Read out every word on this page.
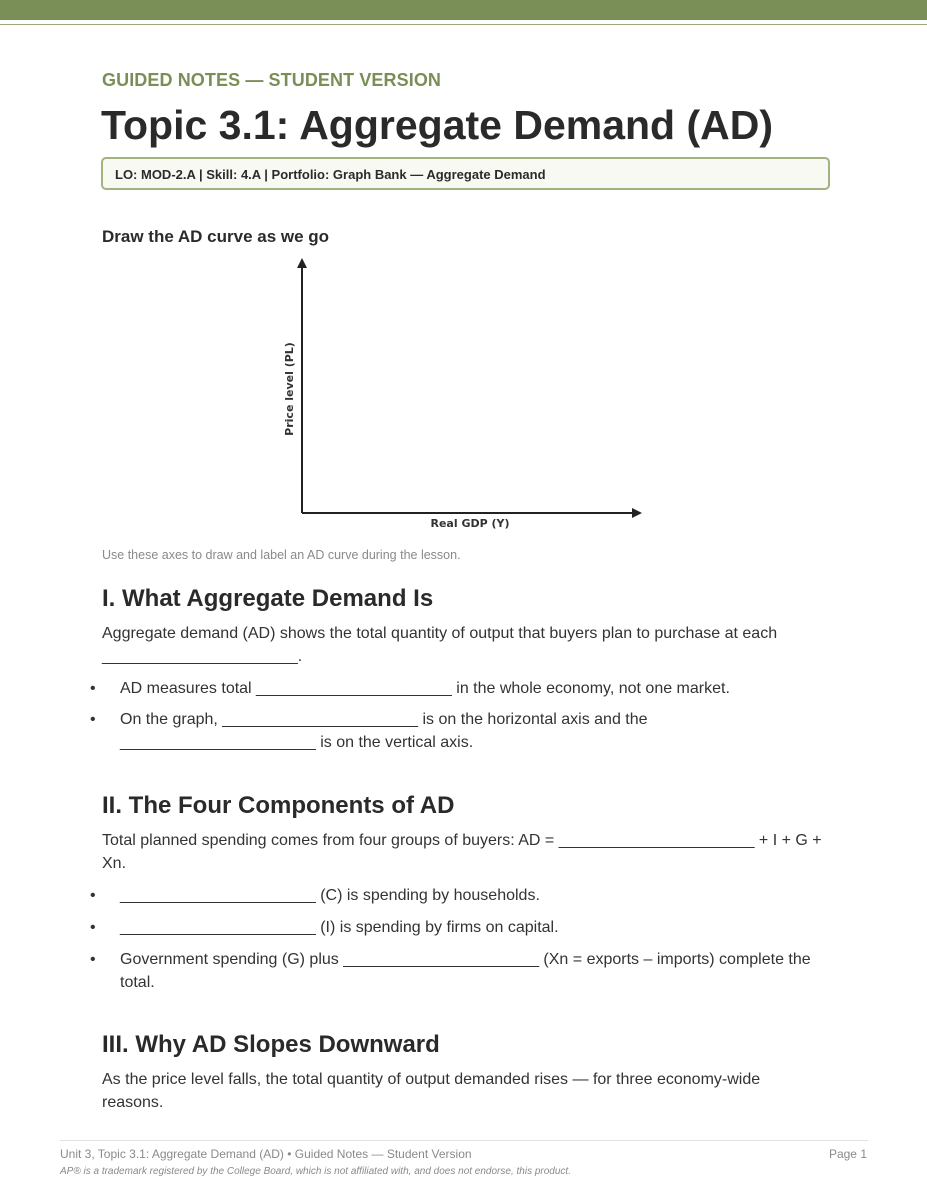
GUIDED NOTES — STUDENT VERSION
Topic 3.1: Aggregate Demand (AD)
LO: MOD-2.A | Skill: 4.A | Portfolio: Graph Bank — Aggregate Demand
Draw the AD curve as we go
Price level (PL)
Real GDP (Y)
Use these axes to draw and label an AD curve during the lesson.
I. What Aggregate Demand Is

Aggregate demand (AD) shows the total quantity of output that buyers plan to purchase at each ______________________.

•	AD measures total ______________________ in the whole economy, not one market.
•	On the graph, ______________________ is on the horizontal axis and the ______________________ is on the vertical axis.
II. The Four Components of AD

Total planned spending comes from four groups of buyers: AD = ______________________ + I + G + Xn.

•	______________________ (C) is spending by households.
•	______________________ (I) is spending by firms on capital.
•	Government spending (G) plus ______________________ (Xn = exports – imports) complete the total.
III. Why AD Slopes Downward

As the price level falls, the total quantity of output demanded rises — for three economy-wide reasons.

Unit 3, Topic 3.1: Aggregate Demand (AD) • Guided Notes — Student Version	Page 1
AP® is a trademark registered by the College Board, which is not affiliated with, and does not endorse, this product.
